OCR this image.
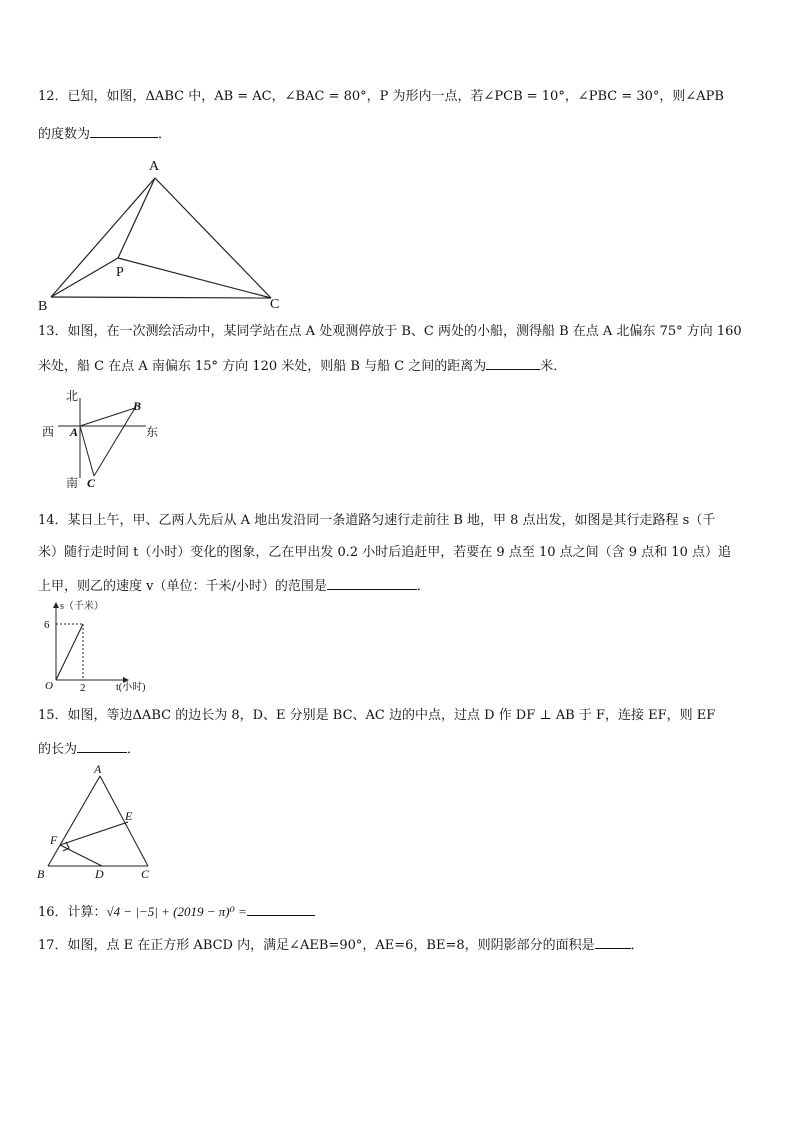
12．已知，如图，ΔABC 中，AB = AC，∠BAC = 80°，P 为形内一点，若∠PCB = 10°，∠PBC = 30°，则∠APB
的度数为	．
A
B	C
P
13．如图，在一次测绘活动中，某同学站在点 A 处观测停放于 B、C 两处的小船，测得船 B 在点 A 北偏东 75° 方向 160
米处，船 C 在点 A 南偏东 15° 方向 120 米处，则船 B 与船 C 之间的距离为	米．
北
西	东
南
A
B
C
14．某日上午，甲、乙两人先后从 A 地出发沿同一条道路匀速行走前往 B 地，甲 8 点出发，如图是其行走路程 s（千
米）随行走时间 t（小时）变化的图象，乙在甲出发 0.2 小时后追赶甲，若要在 9 点至 10 点之间（含 9 点和 10 点）追
上甲，则乙的速度 v（单位：千米/小时）的范围是	．
s（千米）
t(小时)
O
6
2
15．如图，等边ΔABC 的边长为 8，D、E 分别是 BC、AC 边的中点，过点 D 作 DF ⊥ AB 于 F，连接 EF，则 EF
的长为	．
A
B	C
D
E
F
16．计算：√4 − |−5| + (2019 − π)⁰ =
17．如图，点 E 在正方形 ABCD 内，满足∠AEB=90°，AE=6，BE=8，则阴影部分的面积是	．
